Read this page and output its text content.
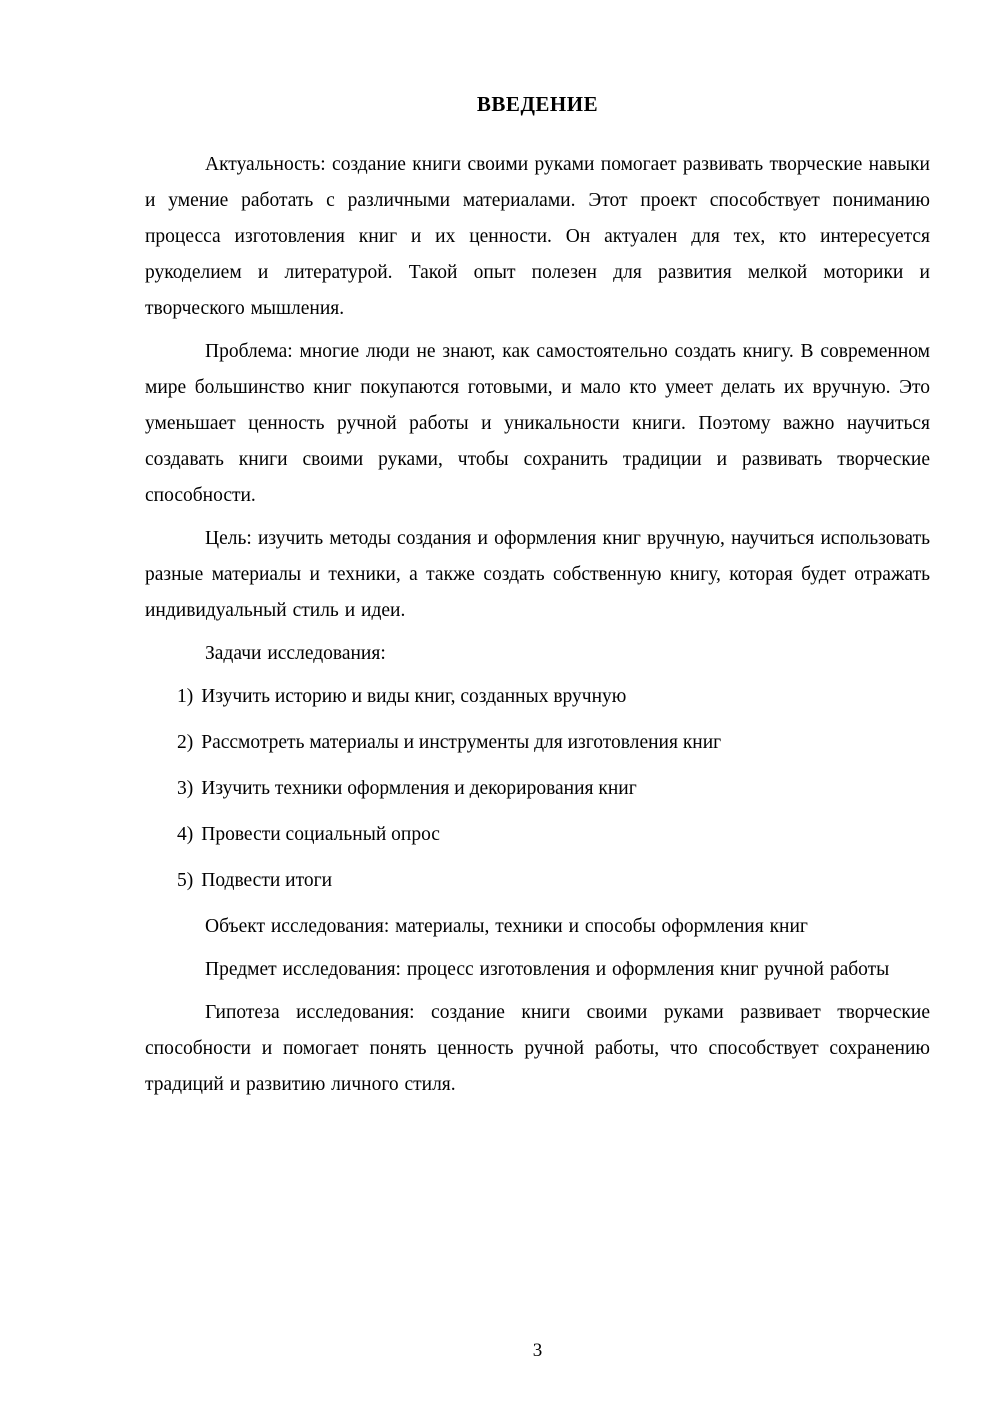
ВВЕДЕНИЕ

Актуальность: создание книги своими руками помогает развивать творческие навыки и умение работать с различными материалами. Этот проект способствует пониманию процесса изготовления книг и их ценности. Он актуален для тех, кто интересуется рукоделием и литературой. Такой опыт полезен для развития мелкой моторики и творческого мышления.

Проблема: многие люди не знают, как самостоятельно создать книгу. В современном мире большинство книг покупаются готовыми, и мало кто умеет делать их вручную. Это уменьшает ценность ручной работы и уникальности книги. Поэтому важно научиться создавать книги своими руками, чтобы сохранить традиции и развивать творческие способности.

Цель: изучить методы создания и оформления книг вручную, научиться использовать разные материалы и техники, а также создать собственную книгу, которая будет отражать индивидуальный стиль и идеи.

Задачи исследования:

1) Изучить историю и виды книг, созданных вручную
2) Рассмотреть материалы и инструменты для изготовления книг
3) Изучить техники оформления и декорирования книг
4) Провести социальный опрос
5) Подвести итоги

Объект исследования: материалы, техники и способы оформления книг

Предмет исследования: процесс изготовления и оформления книг ручной работы

Гипотеза исследования: создание книги своими руками развивает творческие способности и помогает понять ценность ручной работы, что способствует сохранению традиций и развитию личного стиля.

3
